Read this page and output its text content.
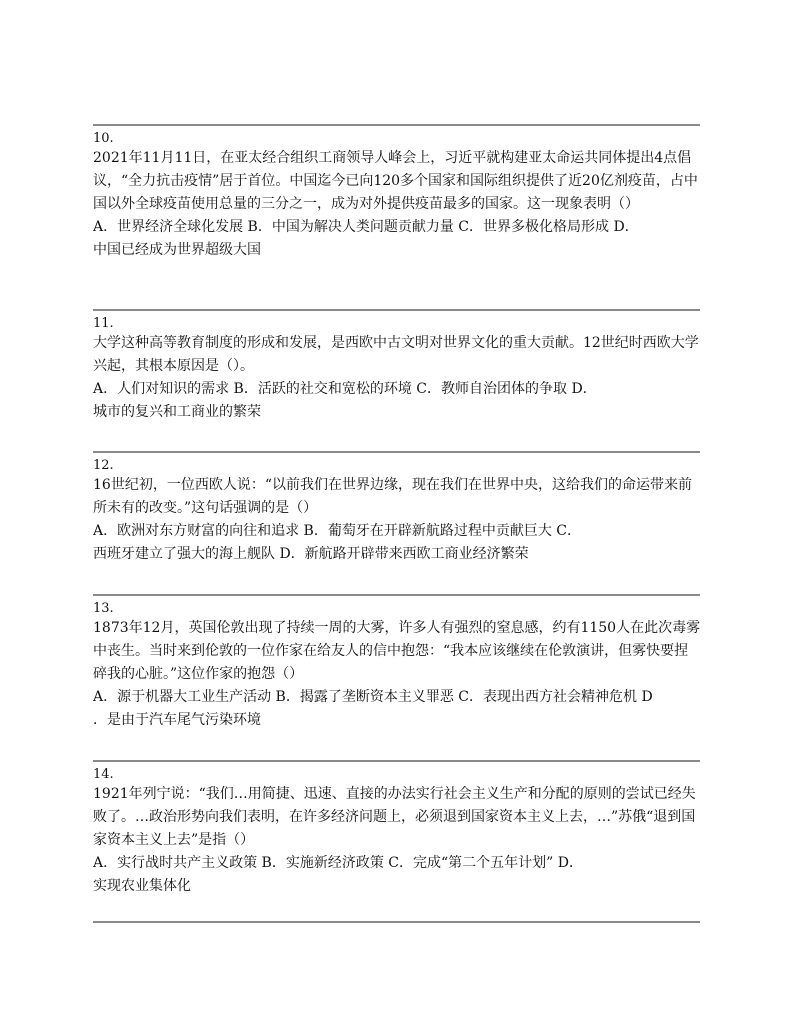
10.
2021年11月11日，在亚太经合组织工商领导人峰会上，习近平就构建亚太命运共同体提出4点倡议，“全力抗击疫情”居于首位。中国迄今已向120多个国家和国际组织提供了近20亿剂疫苗，占中国以外全球疫苗使用总量的三分之一，成为对外提供疫苗最多的国家。这一现象表明（）
A．世界经济全球化发展 B．中国为解决人类问题贡献力量 C．世界多极化格局形成 D．
中国已经成为世界超级大国
11.
大学这种高等教育制度的形成和发展，是西欧中古文明对世界文化的重大贡献。12世纪时西欧大学兴起，其根本原因是（）。
A．人们对知识的需求 B．活跃的社交和宽松的环境 C．教师自治团体的争取 D．
城市的复兴和工商业的繁荣
12.
16世纪初，一位西欧人说：“以前我们在世界边缘，现在我们在世界中央，这给我们的命运带来前所未有的改变。”这句话强调的是（）
A．欧洲对东方财富的向往和追求 B．葡萄牙在开辟新航路过程中贡献巨大 C．
西班牙建立了强大的海上舰队 D．新航路开辟带来西欧工商业经济繁荣
13.
1873年12月，英国伦敦出现了持续一周的大雾，许多人有强烈的窒息感，约有1150人在此次毒雾中丧生。当时来到伦敦的一位作家在给友人的信中抱怨：“我本应该继续在伦敦演讲，但雾快要捏碎我的心脏。”这位作家的抱怨（）
A．源于机器大工业生产活动 B．揭露了垄断资本主义罪恶 C．表现出西方社会精神危机 D
．是由于汽车尾气污染环境
14.
1921年列宁说：“我们…用简捷、迅速、直接的办法实行社会主义生产和分配的原则的尝试已经失败了。…政治形势向我们表明，在许多经济问题上，必须退到国家资本主义上去，…”苏俄“退到国家资本主义上去”是指（）
A．实行战时共产主义政策 B．实施新经济政策 C．完成“第二个五年计划” D．
实现农业集体化
